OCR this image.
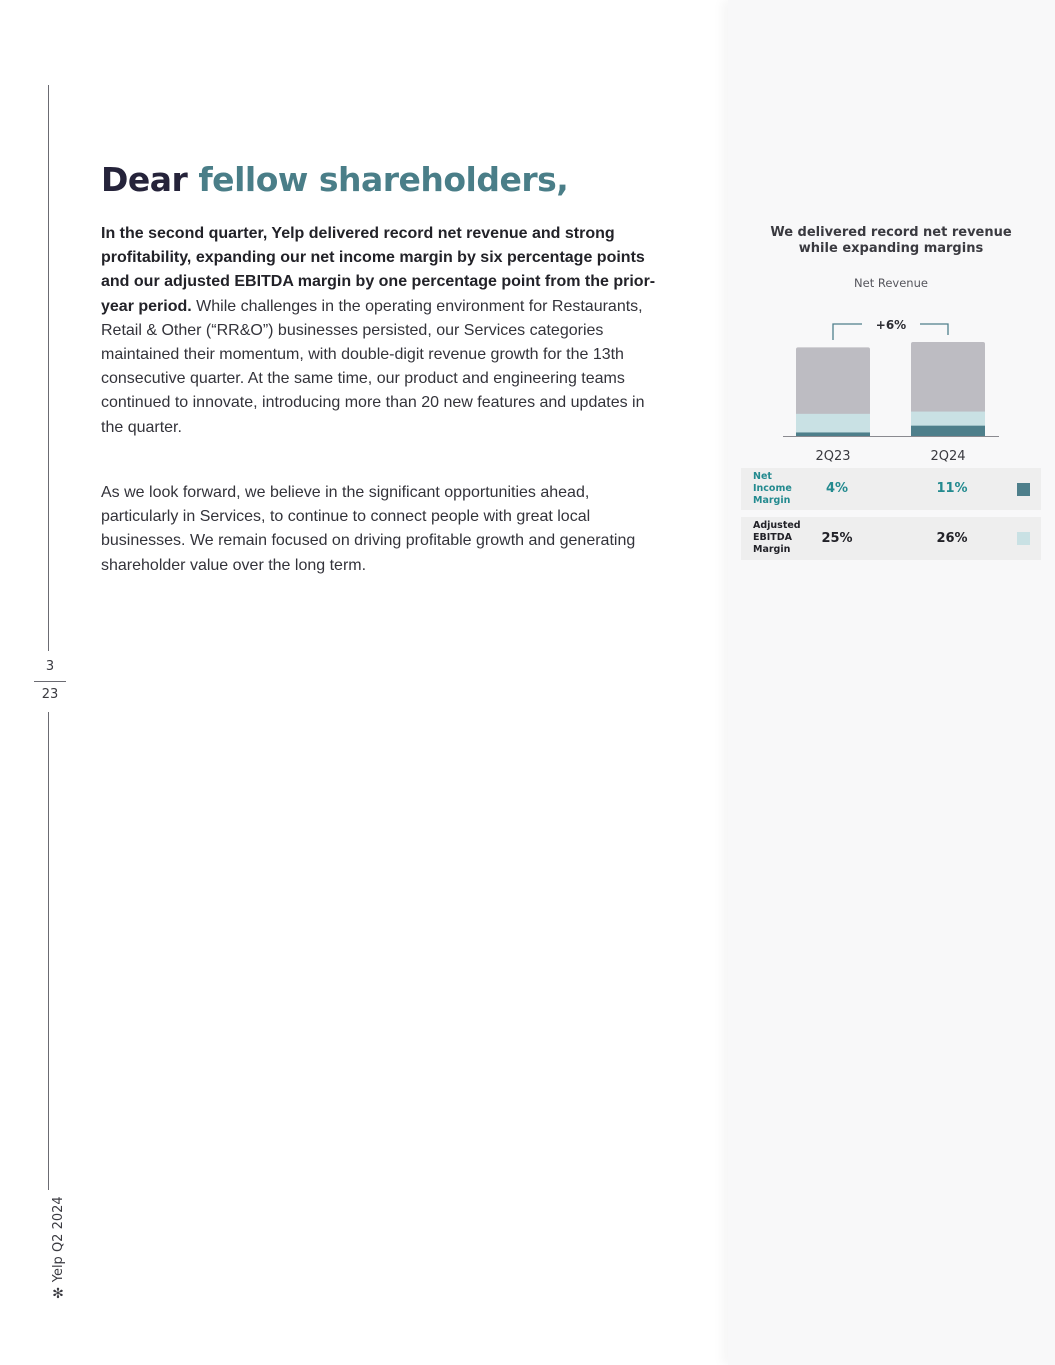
3
23
✻
Yelp Q2 2024
Dear fellow shareholders,

In the second quarter, Yelp delivered record net revenue and strong profitability, expanding our net income margin by six percentage points and our adjusted EBITDA margin by one percentage point from the prior-year period. While challenges in the operating environment for Restaurants, Retail & Other (“RR&O”) businesses persisted, our Services categories maintained their momentum, with double-digit revenue growth for the 13th consecutive quarter. At the same time, our product and engineering teams continued to innovate, introducing more than 20 new features and updates in the quarter.

As we look forward, we believe in the significant opportunities ahead, particularly in Services, to continue to connect people with great local businesses. We remain focused on driving profitable growth and generating shareholder value over the long term.

We delivered record net revenue while expanding margins
Net Revenue
+6%
2Q23	2Q24
Net Income Margin
4%	11%
Adjusted EBITDA Margin
25%	26%
